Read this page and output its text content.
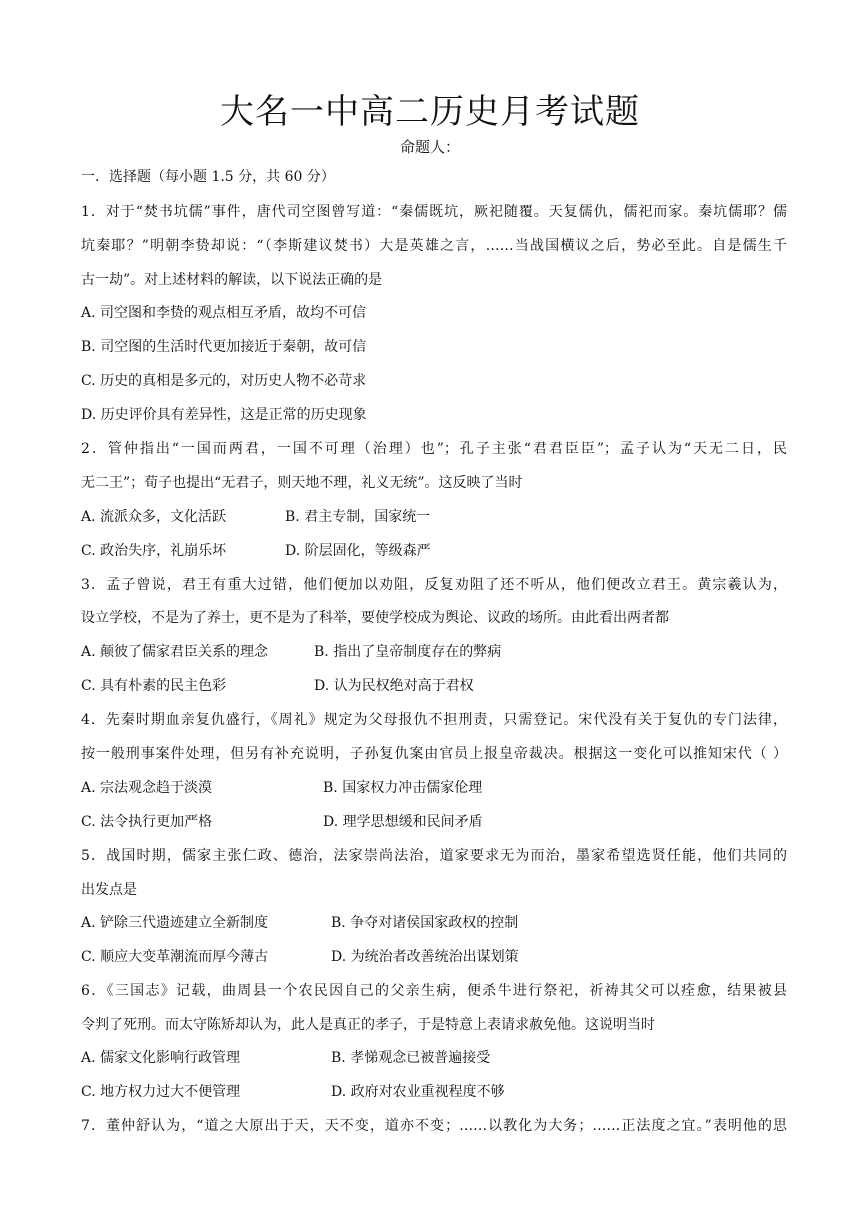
大名一中高二历史月考试题
命题人：
一．选择题（每小题 1.5 分，共 60 分）
1．对于“焚书坑儒”事件，唐代司空图曾写道：“秦儒既坑，厥祀随覆。天复儒仇，儒祀而家。秦坑儒耶？儒
坑秦耶？”明朝李贽却说：“（李斯建议焚书）大是英雄之言，……当战国横议之后，势必至此。自是儒生千
古一劫”。对上述材料的解读，以下说法正确的是
A. 司空图和李贽的观点相互矛盾，故均不可信
B. 司空图的生活时代更加接近于秦朝，故可信
C. 历史的真相是多元的，对历史人物不必苛求
D. 历史评价具有差异性，这是正常的历史现象
2．管仲指出“一国而两君，一国不可理（治理）也”；孔子主张“君君臣臣”；孟子认为“天无二日，民
无二王”；荀子也提出“无君子，则天地不理，礼义无统”。这反映了当时
A. 流派众多，文化活跃	B. 君主专制，国家统一
C. 政治失序，礼崩乐坏	D. 阶层固化，等级森严
3．孟子曾说，君王有重大过错，他们便加以劝阻，反复劝阻了还不听从，他们便改立君王。黄宗羲认为，
设立学校，不是为了养士，更不是为了科举，要使学校成为舆论、议政的场所。由此看出两者都
A. 颠彼了儒家君臣关系的理念	B. 指出了皇帝制度存在的弊病
C. 具有朴素的民主色彩	D. 认为民权绝对高于君权
4．先秦时期血亲复仇盛行，《周礼》规定为父母报仇不担刑责，只需登记。宋代没有关于复仇的专门法律，
按一般刑事案件处理，但另有补充说明，子孙复仇案由官员上报皇帝裁决。根据这一变化可以推知宋代（ ）
A. 宗法观念趋于淡漠	B. 国家权力冲击儒家伦理
C. 法令执行更加严格	D. 理学思想缓和民间矛盾
5．战国时期，儒家主张仁政、德治，法家崇尚法治，道家要求无为而治，墨家希望选贤任能，他们共同的
出发点是
A. 铲除三代遗迹建立全新制度	B. 争夺对诸侯国家政权的控制
C. 顺应大变革潮流而厚今薄古	D. 为统治者改善统治出谋划策
6．《三国志》记载，曲周县一个农民因自己的父亲生病，便杀牛进行祭祀，祈祷其父可以痊愈，结果被县
令判了死刑。而太守陈矫却认为，此人是真正的孝子，于是特意上表请求赦免他。这说明当时
A. 儒家文化影响行政管理	B. 孝悌观念已被普遍接受
C. 地方权力过大不便管理	D. 政府对农业重视程度不够
7．董仲舒认为，“道之大原出于天，天不变，道亦不变；……以教化为大务；……正法度之宜。”表明他的思
